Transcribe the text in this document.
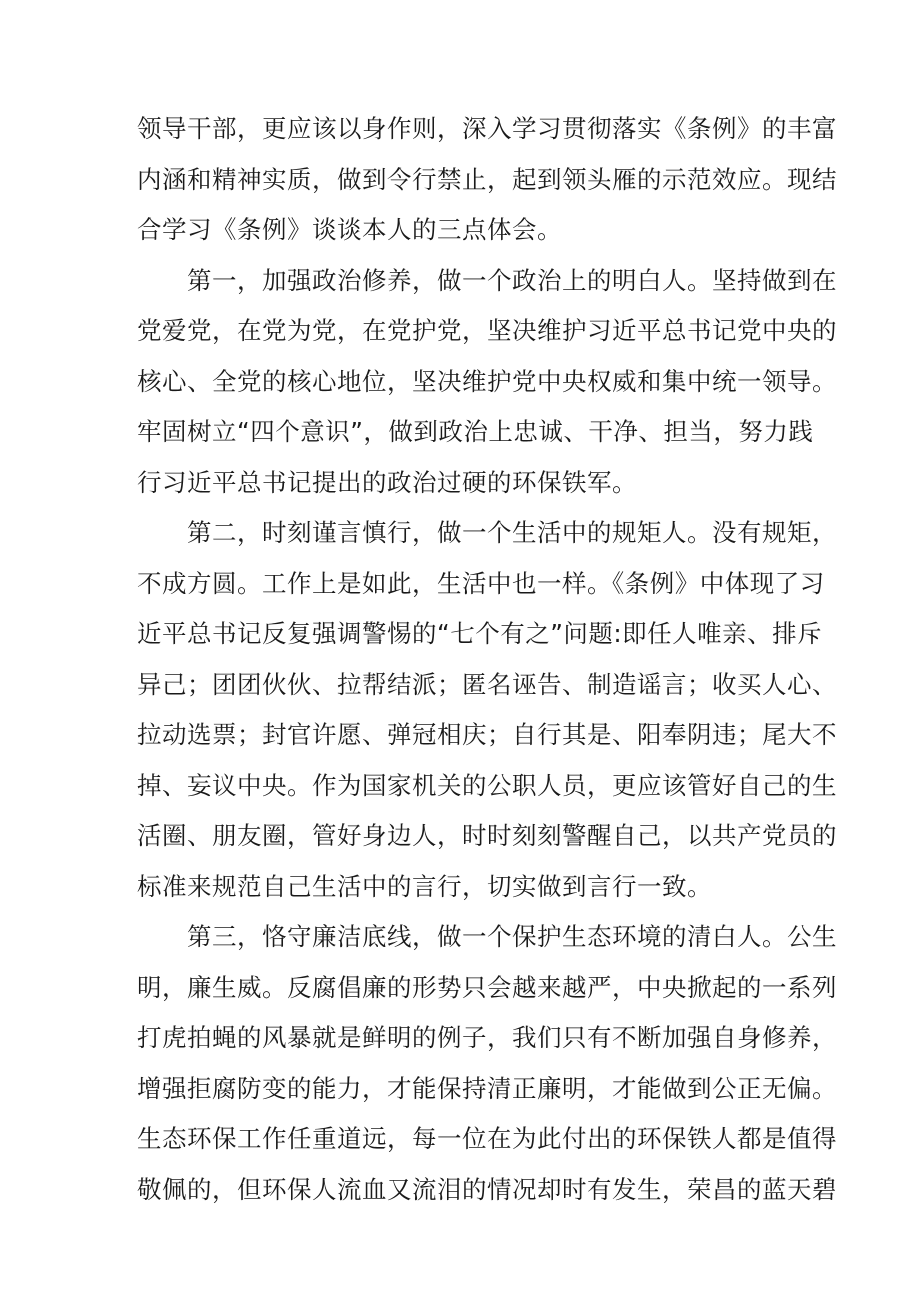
领导干部，更应该以身作则，深入学习贯彻落实《条例》的丰富
内涵和精神实质，做到令行禁止，起到领头雁的示范效应。现结
合学习《条例》谈谈本人的三点体会。
　　第一，加强政治修养，做一个政治上的明白人。坚持做到在
党爱党，在党为党，在党护党，坚决维护习近平总书记党中央的
核心、全党的核心地位，坚决维护党中央权威和集中统一领导。
牢固树立“四个意识”，做到政治上忠诚、干净、担当，努力践
行习近平总书记提出的政治过硬的环保铁军。
　　第二，时刻谨言慎行，做一个生活中的规矩人。没有规矩，
不成方圆。工作上是如此，生活中也一样。《条例》中体现了习
近平总书记反复强调警惕的“七个有之”问题:即任人唯亲、排斥
异己；团团伙伙、拉帮结派；匿名诬告、制造谣言；收买人心、
拉动选票；封官许愿、弹冠相庆；自行其是、阳奉阴违；尾大不
掉、妄议中央。作为国家机关的公职人员，更应该管好自己的生
活圈、朋友圈，管好身边人，时时刻刻警醒自己，以共产党员的
标准来规范自己生活中的言行，切实做到言行一致。
　　第三，恪守廉洁底线，做一个保护生态环境的清白人。公生
明，廉生威。反腐倡廉的形势只会越来越严，中央掀起的一系列
打虎拍蝇的风暴就是鲜明的例子，我们只有不断加强自身修养，
增强拒腐防变的能力，才能保持清正廉明，才能做到公正无偏。
生态环保工作任重道远，每一位在为此付出的环保铁人都是值得
敬佩的，但环保人流血又流泪的情况却时有发生，荣昌的蓝天碧
